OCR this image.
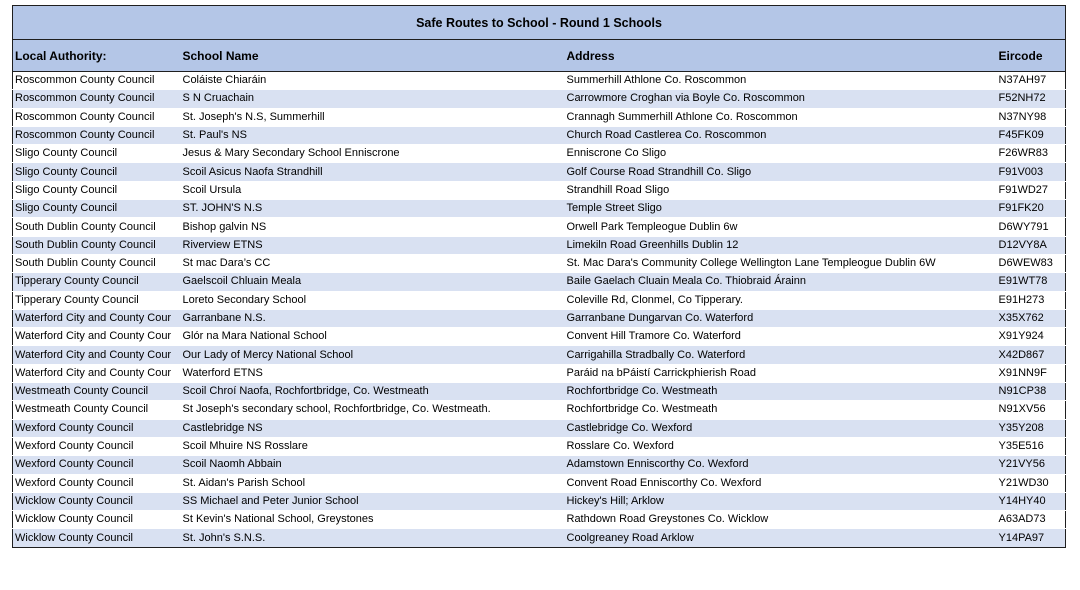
Safe Routes to School - Round 1 Schools			
Local Authority:	School Name	Address	Eircode
Roscommon County Council	Coláiste Chiaráin	Summerhill Athlone Co. Roscommon	N37AH97
Roscommon County Council	S N Cruachain	Carrowmore Croghan via Boyle Co. Roscommon	F52NH72
Roscommon County Council	St. Joseph's N.S, Summerhill	Crannagh Summerhill Athlone Co. Roscommon	N37NY98
Roscommon County Council	St. Paul's NS	Church Road Castlerea Co. Roscommon	F45FK09
Sligo County Council	Jesus & Mary Secondary School Enniscrone	Enniscrone Co Sligo	F26WR83
Sligo County Council	Scoil Asicus Naofa Strandhill	Golf Course Road Strandhill Co. Sligo	F91V003
Sligo County Council	Scoil Ursula	Strandhill Road Sligo	F91WD27
Sligo County Council	ST. JOHN'S N.S	Temple Street Sligo	F91FK20
South Dublin County Council	Bishop galvin NS	Orwell Park Templeogue Dublin 6w	D6WY791
South Dublin County Council	Riverview ETNS	Limekiln Road Greenhills Dublin 12	D12VY8A
South Dublin County Council	St mac Dara’s CC	St. Mac Dara's Community College Wellington Lane Templeogue Dublin 6W	D6WEW83
Tipperary County Council	Gaelscoil Chluain Meala	Baile Gaelach Cluain Meala Co. Thiobraid Árainn	E91WT78
Tipperary County Council	Loreto Secondary School	Coleville Rd, Clonmel, Co Tipperary.	E91H273
Waterford City and County Cour	Garranbane N.S.	Garranbane Dungarvan Co. Waterford	X35X762
Waterford City and County Cour	Glór na Mara National School	Convent Hill Tramore Co. Waterford	X91Y924
Waterford City and County Cour	Our Lady of Mercy National School	Carrigahilla Stradbally Co. Waterford	X42D867
Waterford City and County Cour	Waterford ETNS	Paráid na bPáistí Carrickphierish Road	X91NN9F
Westmeath County Council	Scoil Chroí Naofa, Rochfortbridge, Co. Westmeath	Rochfortbridge Co. Westmeath	N91CP38
Westmeath County Council	St Joseph's secondary school, Rochfortbridge, Co. Westmeath.	Rochfortbridge Co. Westmeath	N91XV56
Wexford County Council	Castlebridge NS	Castlebridge Co. Wexford	Y35Y208
Wexford County Council	Scoil Mhuire NS Rosslare	Rosslare Co. Wexford	Y35E516
Wexford County Council	Scoil Naomh Abbain	Adamstown Enniscorthy Co. Wexford	Y21VY56
Wexford County Council	St. Aidan's Parish School	Convent Road Enniscorthy Co. Wexford	Y21WD30
Wicklow County Council	SS Michael and Peter Junior School	Hickey's Hill; Arklow	Y14HY40
Wicklow County Council	St Kevin's National School, Greystones	Rathdown Road Greystones Co. Wicklow	A63AD73
Wicklow County Council	St. John's S.N.S.	Coolgreaney Road Arklow	Y14PA97
